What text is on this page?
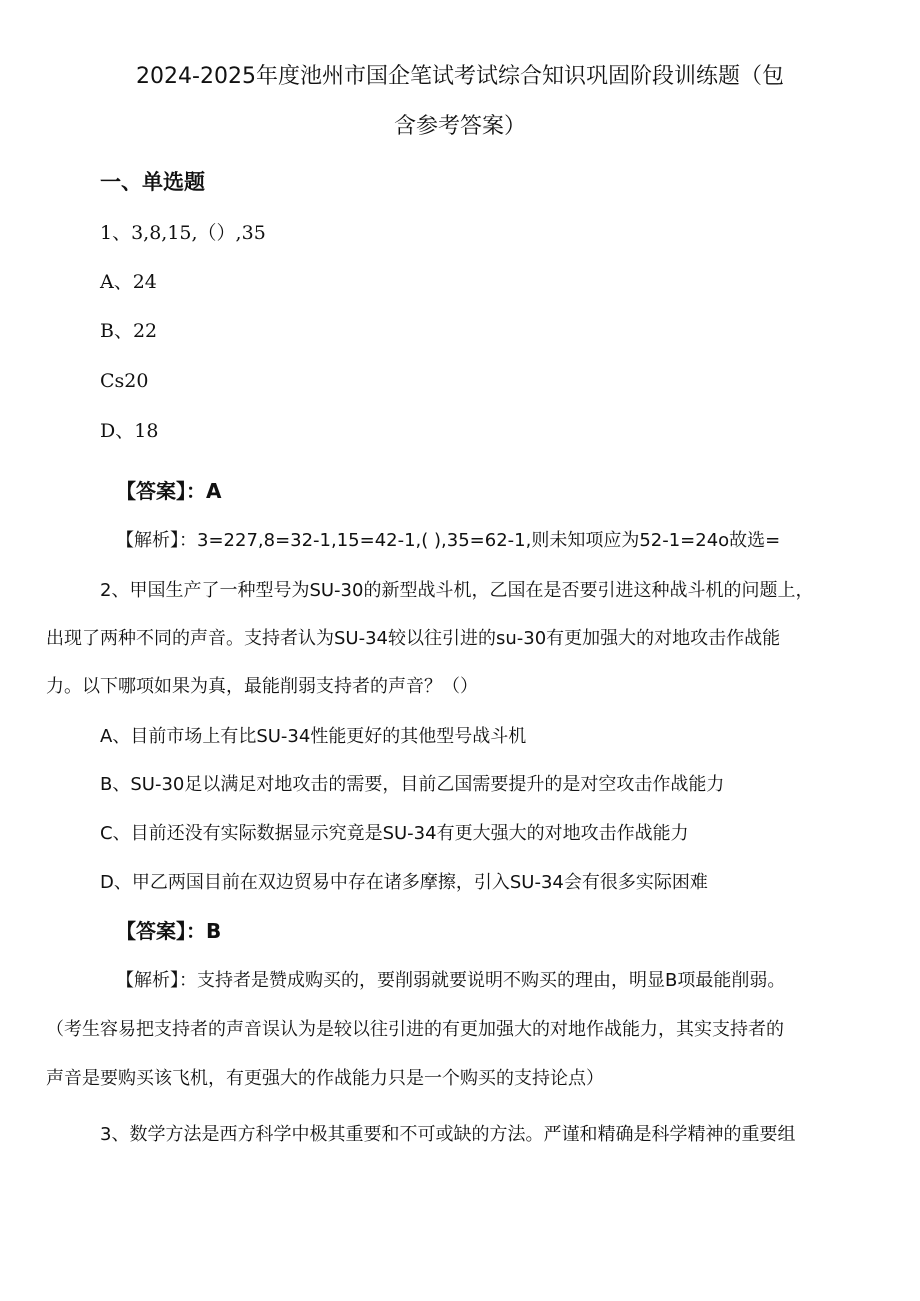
2024-2025年度池州市国企笔试考试综合知识巩固阶段训练题（包
含参考答案）
一、单选题

1、3,8,15,（）,35

A、24

B、22

Cs20

D、18

【答案】：A

【解析】：3=227,8=32-1,15=42-1,( ),35=62-1,则未知项应为52-1=24o故选=

2、甲国生产了一种型号为SU-30的新型战斗机，乙国在是否要引进这种战斗机的问题上，

出现了两种不同的声音。支持者认为SU-34较以往引进的su-30有更加强大的对地攻击作战能

力。以下哪项如果为真，最能削弱支持者的声音？（）

A、目前市场上有比SU-34性能更好的其他型号战斗机

B、SU-30足以满足对地攻击的需要，目前乙国需要提升的是对空攻击作战能力

C、目前还没有实际数据显示究竟是SU-34有更大强大的对地攻击作战能力

D、甲乙两国目前在双边贸易中存在诸多摩擦，引入SU-34会有很多实际困难

【答案】：B

【解析】：支持者是赞成购买的，要削弱就要说明不购买的理由，明显B项最能削弱。

（考生容易把支持者的声音误认为是较以往引进的有更加强大的对地作战能力，其实支持者的

声音是要购买该飞机，有更强大的作战能力只是一个购买的支持论点）

3、数学方法是西方科学中极其重要和不可或缺的方法。严谨和精确是科学精神的重要组
